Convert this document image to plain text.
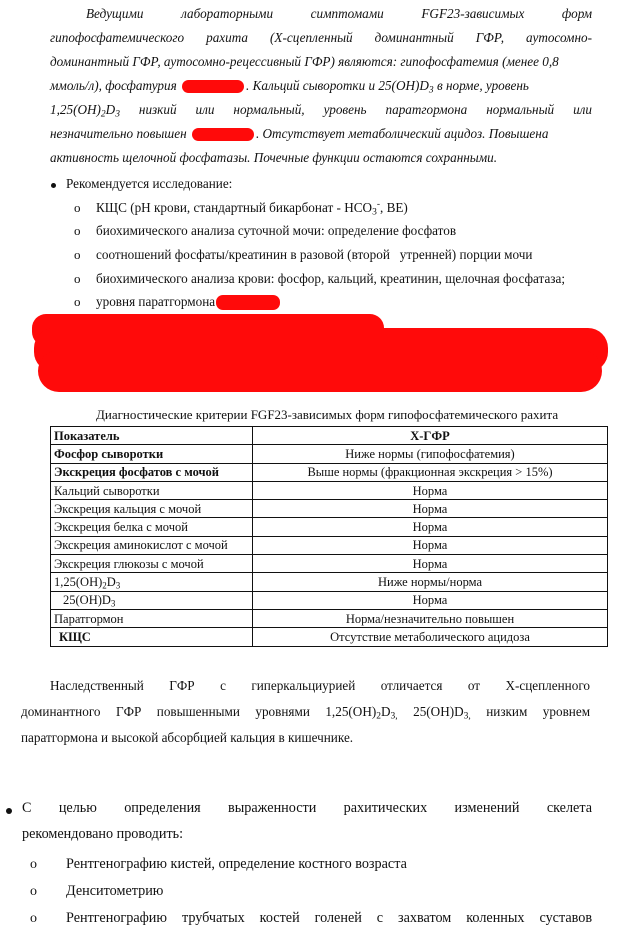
Ведущими	лабораторными	симптомами	FGF23-зависимых	форм
гипофосфатемического рахита (Х-сцепленный доминантный ГФР, аутосомно-
доминантный ГФР, аутосомно-рецессивный ГФР) являются: гипофосфатемия (менее 0,8
ммоль/л), фосфатурия	. Кальций сыворотки и $25(OH)D_3$ в норме, уровень
$1,25(OH)_2D_3$ низкий или нормальный, уровень паратгормона нормальный или
незначительно повышен	. Отсутствует метаболический ацидоз. Повышена
активность щелочной фосфатазы. Почечные функции остаются сохранными.
Рекомендуется исследование:
o КЩС (pH крови, стандартный бикарбонат - $HCO_3^-$, BE)
o биохимического анализа суточной мочи: определение фосфатов
o соотношений фосфаты/креатинин в разовой (второй   утренней) порции мочи
o биохимического анализа крови: фосфор, кальций, креатинин, щелочная фосфатаза;
o уровня паратгормона
Диагностические критерии FGF23-зависимых форм гипофосфатемического рахита
Показатель	Х-ГФР
Фосфор сыворотки	Ниже нормы (гипофосфатемия)
Экскреция фосфатов с мочой	Выше нормы (фракционная экскреция > 15%)
Кальций сыворотки	Норма
Экскреция кальция с мочой	Норма
Экскреция белка с мочой	Норма
Экскреция аминокислот с мочой	Норма
Экскреция глюкозы с мочой	Норма
$1,25(OH)_2D_3$	Ниже нормы/норма
$25(OH)D_3$	Норма
Паратгормон	Норма/незначительно повышен
КЩС	Отсутствие метаболического ацидоза
Наследственный ГФР с гиперкальциурией отличается от Х-сцепленного
доминантного ГФР повышенными уровнями $1,25(OH)_2D_{3,}$ $25(OH)D_{3,}$ низким уровнем
паратгормона и высокой абсорбцией кальция в кишечнике.
С целью определения выраженности рахитических изменений скелета
рекомендовано проводить:
o Рентгенографию кистей, определение костного возраста
o Денситометрию
o Рентгенографию трубчатых костей голеней с захватом коленных суставов
